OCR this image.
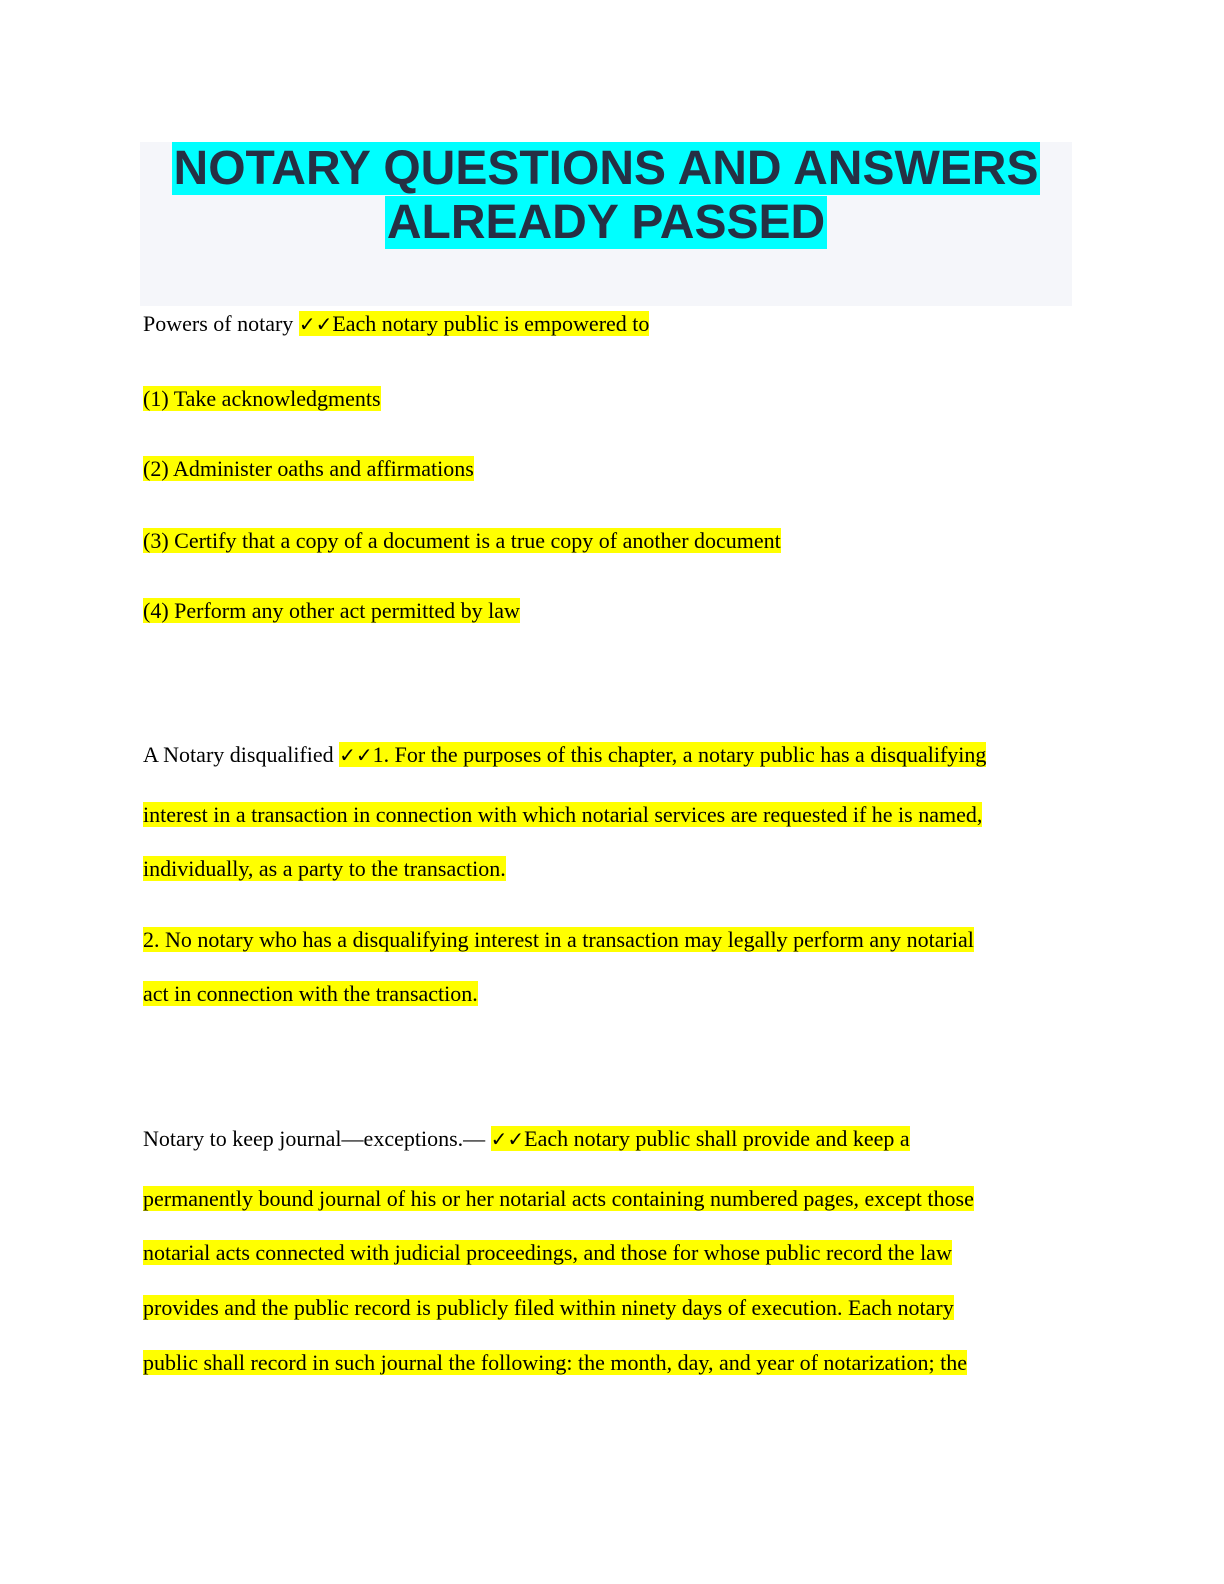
NOTARY QUESTIONS AND ANSWERS
ALREADY PASSED
Powers of notary ✓✓Each notary public is empowered to
(1) Take acknowledgments
(2) Administer oaths and affirmations
(3) Certify that a copy of a document is a true copy of another document
(4) Perform any other act permitted by law
A Notary disqualified ✓✓1. For the purposes of this chapter, a notary public has a disqualifying
interest in a transaction in connection with which notarial services are requested if he is named,
individually, as a party to the transaction.
2. No notary who has a disqualifying interest in a transaction may legally perform any notarial
act in connection with the transaction.
Notary to keep journal—exceptions.— ✓✓Each notary public shall provide and keep a
permanently bound journal of his or her notarial acts containing numbered pages, except those
notarial acts connected with judicial proceedings, and those for whose public record the law
provides and the public record is publicly filed within ninety days of execution. Each notary
public shall record in such journal the following: the month, day, and year of notarization; the
